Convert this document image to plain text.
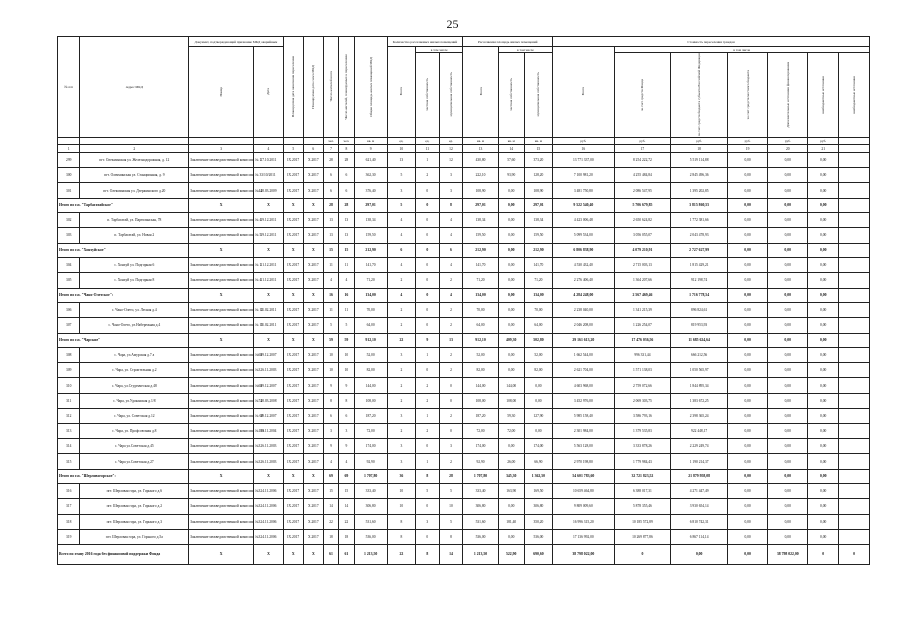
25
№ п/п	Адрес МКД	Документ, подтверждающий признание МКД аварийным		Планируемая дата окончания переселения	Планируемая дата сноса МКД	Число жителей всего	Число жителей, планируемых к переселению	Общая площадь жилых помещений МКД	Количество расселяемых жилых помещений			Расселяемая площадь жилых помещений			Стоимость переселения граждан						
		Номер	Дата						Всего	в том числе		Всего	в том числе		Всего	в том числе					
										частная собственность	муниципальная собственность		частная собственность	муниципальная собственность		за счет средств Фонда	за счет средств бюджета субъекта Российской Федерации	за счет средств местного бюджета	Дополнительные источники финансирования	внебюджетные источники	внебюджетные источники
						чел.	чел.	кв. м	ед.	ед.	ед.	кв. м	кв. м	кв. м	руб.	руб.	руб.	руб.	руб.	руб.	
1	2	3	4	5	6	7	8	9	10	11	12	13	14	15	16	17	18	19	20	21	
299	пгт. Олекминская ул. Железнодорожная, д. 12	Заключение межведомственной комиссии № 1	27.10.2011	IX.2017	X.2017	28	28	621,40	13	1	12	430,80	57,60	373,20	13 771 337,00	8 254 222,72	5 519 114,88	0,00	0,00	0,00	
300	пгт. Олекминская ул. Станционная, д. 9	Заключение межведомственной комиссии № 3	3/10/2011	IX.2017	X.2017	6	6	362,30	5	2	3	222,10	93,90	128,20	7 100 981,20	4 255 484,84	2 845 496,36	0,00	0,00	0,00	
301	пгт. Олекминская ул. Дзержинского д.20	Заключение межведомственной комиссии №44	28.03.2009	IX.2017	X.2017	6	6	376,40	3	0	3	108,90	0,00	108,90	3 481 750,80	2 086 547,95	1 395 202,85	0,00	0,00	0,00	
Итого по г.п. "Тарбагатайское"		X	X	X	X	28	28	297,01	5	0	8	297,01	0,00	297,01	9 522 540,40	5 706 679,85	3 815 860,55	0,00	0,00	0,00	
302	п. Тарбагатай, ул. Партизанская, 78	Заключение межведомственной комиссии № 4	29.12.2011	IX.2017	X.2017	13	13	138,34	4	0	4	138,34	0,00	138,34	4 423 006,48	2 650 624,82	1 772 381,66	0,00	0,00	0,00	
303	п. Тарбагатай, ул. Новая 2	Заключение межведомственной комиссии № 5	29.12.2011	IX.2017	X.2017	13	13	159,50	4	0	4	159,50	0,00	159,50	5 099 534,00	3 056 055,07	2 043 478,93	0,00	0,00	0,00	
Итого по г.п. "Хонхуйское"		X	X	X	X	15	15	212,90	6	0	6	212,90	0,00	212,90	6 806 838,90	4 079 210,91	2 727 627,99	0,00	0,00	0,00	
304	с. Хонхуй ул. Подгорная 6	Заключение межведомственной комиссии № 1	21.12.2011	IX.2017	X.2017	11	11	141,70	4	0	4	141,70	0,00	141,70	4 530 432,40	2 715 003,13	1 815 429,21	0,00	0,00	0,00	
305	с. Хонхуй ул. Подгорная 8	Заключение межведомственной комиссии № 4	21.12.2011	IX.2017	X.2017	4	4	71,20	2	0	2	71,20	0,00	71,20	2 276 406,40	1 364 207,66	912 198,74	0,00	0,00	0,00	
Итого по г.п. "Чано-Олетское":		X	X	X	X	16	16	134,00	4	0	4	134,00	0,00	134,00	4 284 248,00	2 567 469,46	1 716 778,54	0,00	0,00	0,00	
306	с. Чано-Олето, ул. Лесная д.4	Заключение межведомственной комиссии № 12	11.02.2011	IX.2017	X.2017	11	11	70,00	2	0	2	70,00	0,00	70,00	2 238 040,00	1 341 215,39	896 824,61	0,00	0,00	0,00	
307	с. Чано-Олето, ул.Набережная д.4	Заключение межведомственной комиссии № 13	11.02.2011	IX.2017	X.2017	5	5	64,00	2	0	2	64,00	0,00	64,00	2 046 208,00	1 226 254,07	819 953,93	0,00	0,00	0,00	
Итого по г.п. "Чарские"		X	X	X	X	59	59	912,10	22	9	13	912,10	409,30	502,80	29 161 613,20	17 476 036,56	11 685 624,64	0,00	0,00	0,00	
308	с. Чара, ул.Амурская д.7 а	Заключение межведомственной комиссии №68	29.12.2007	IX.2017	X.2017	10	10	52,00	3	1	2	52,00	0,00	52,00	1 662 544,00	996 331,44	666 212,56	0,00	0,00	0,00	
309	с. Чара, ул. Строительная д.2	Заключение межведомственной комиссии №3	26.11.2003	IX.2017	X.2017	10	10	82,00	2	0	2	82,00	0,00	82,00	2 621 704,00	1 571 138,03	1 050 565,97	0,00	0,00	0,00	
310	с. Чара, ул.Студенческая д.48	Заключение межведомственной комиссии №68	29.12.2007	IX.2017	X.2017	9	9	144,00	2	2	0	144,00	144,00	0,00	4 603 968,00	2 759 072,66	1 844 895,34	0,00	0,00	0,00	
311	с. Чара, ул.Удоканская д.1/8	Заключение межведомственной комиссии №74	28.03.2008	IX.2017	X.2017	8	8	108,00	2	2	0	108,00	108,00	0,00	3 452 976,00	2 069 303,75	1 383 672,25	0,00	0,00	0,00	
312	с. Чара, ул. Советская д.12	Заключение межведомственной комиссии № 68	29.12.2007	IX.2017	X.2017	6	6	187,20	3	1	2	187,20	59,30	127,90	5 985 158,40	3 586 793,16	2 398 365,24	0,00	0,00	0,00	
313	с. Чара, ул. Профсоюзная д.8	Заключение межведомственной комиссии №136	03.11.2004	IX.2017	X.2017	3	3	72,00	2	2	0	72,00	72,00	0,00	2 301 984,00	1 379 535,83	922 448,17	0,00	0,00	0,00	
314	с. Чара ул.Советская д.45	Заключение межведомственной комиссии №3	26.11.2003	IX.2017	X.2017	9	9	174,00	3	0	3	174,00	0,00	174,00	5 563 128,00	3 333 878,26	2 229 249,74	0,00	0,00	0,00	
315	с. Чара ул.Советская д.27	Заключение межведомственной комиссии №3	26.11.2003	IX.2017	X.2017	4	4	92,90	3	1	2	92,90	26,00	66,90	2 970 198,80	1 779 984,43	1 190 214,37	0,00	0,00	0,00	
Итого по г.п. "Шерловогорское":		X	X	X	X	69	69	1 707,80	36	8	28	1 707,80	345,30	1 362,50	54 601 783,60	32 721 823,52	21 879 958,08	0,00	0,00	0,00	
316	пгт. Шерловая гора, ул. Горького д.6	Заключение межведомственной комиссии №3	24.11.2006	IX.2017	X.2017	15	15	333,40	10	5	5	333,40	163,90	169,50	10 659 464,80	6 388 017,31	4 271 447,49	0,00	0,00	0,00	
317	пгт. Шерловая гора, ул. Горького д.2	Заключение межведомственной комиссии №3	24.11.2006	IX.2017	X.2017	14	14	306,80	10	0	10	306,80	0,00	306,80	9 809 009,60	5 878 355,46	3 930 654,14	0,00	0,00	0,00	
318	пгт. Шерловая гора, ул. Горького д.3	Заключение межведомственной комиссии №3	24.11.2006	IX.2017	X.2017	22	22	531,60	8	3	5	531,60	181,40	350,20	16 996 315,20	10 185 572,89	6 810 742,31	0,00	0,00	0,00	
319	пгт. Шерловая гора, ул. Горького д.5а	Заключение межведомственной комиссии №3	24.11.2006	IX.2017	X.2017	18	18	536,00	8	0	8	536,00	0,00	536,00	17 136 992,00	10 269 877,86	6 867 114,14	0,00	0,00	0,00	
Всего по этапу 2016 года без финансовой поддержки Фонда		X	X	X	X	61	61	1 213,50	22	8	14	1 213,50	522,90	690,60	38 798 022,00	0	0,00	0,00	38 798 022,00	0	0
